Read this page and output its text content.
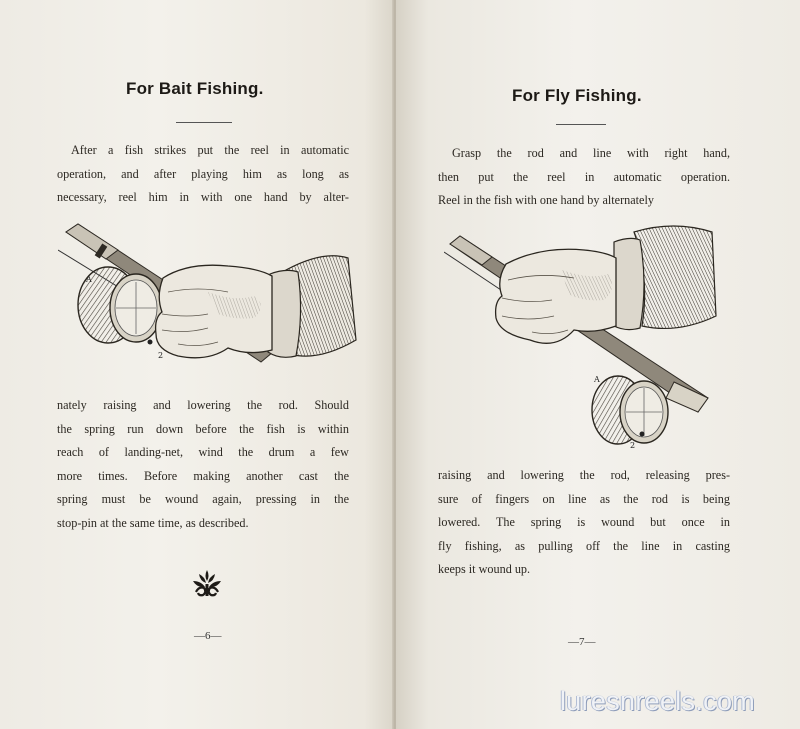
For Bait Fishing.
After a fish strikes put the reel in automatic
operation, and after playing him as long as
necessary, reel him in with one hand by alter-
A
2
nately raising and lowering the rod. Should
the spring run down before the fish is within
reach of landing-net, wind the drum a few
more times. Before making another cast the
spring must be wound again, pressing in the
stop-pin at the same time, as described.
—6—
For Fly Fishing.
Grasp the rod and line with right hand,
then put the reel in automatic operation.
Reel in the fish with one hand by alternately
A
2
raising and lowering the rod, releasing pres-
sure of fingers on line as the rod is being
lowered. The spring is wound but once in
fly fishing, as pulling off the line in casting
keeps it wound up.
—7—
luresnreels.com
